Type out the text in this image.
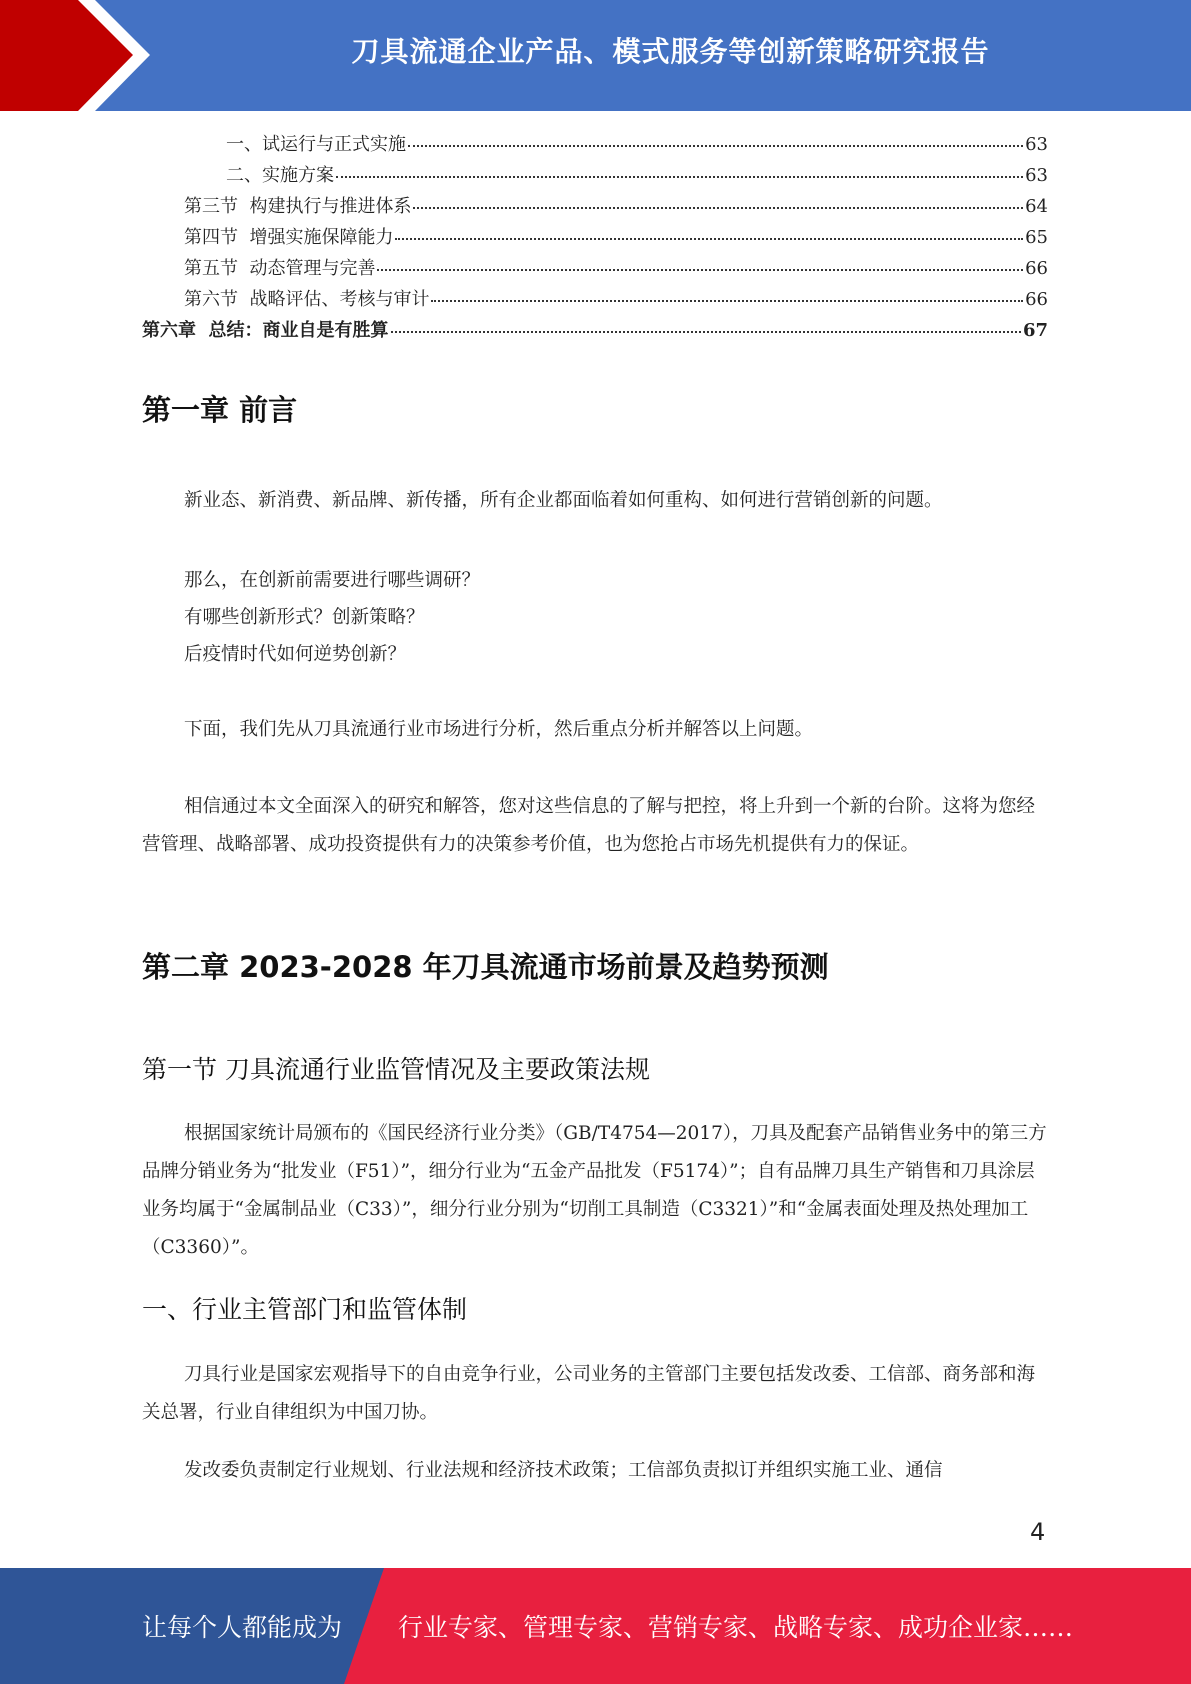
刀具流通企业产品、模式服务等创新策略研究报告
一、试运行与正式实施	63
二、实施方案	63
第三节  构建执行与推进体系	64
第四节  增强实施保障能力	65
第五节  动态管理与完善	66
第六节  战略评估、考核与审计	66
第六章  总结：商业自是有胜算	67
第一章 前言

新业态、新消费、新品牌、新传播，所有企业都面临着如何重构、如何进行营销创新的问题。

那么，在创新前需要进行哪些调研？

有哪些创新形式？创新策略？

后疫情时代如何逆势创新？

下面，我们先从刀具流通行业市场进行分析，然后重点分析并解答以上问题。

相信通过本文全面深入的研究和解答，您对这些信息的了解与把控，将上升到一个新的台阶。这将为您经营管理、战略部署、成功投资提供有力的决策参考价值，也为您抢占市场先机提供有力的保证。

第二章 2023-2028 年刀具流通市场前景及趋势预测
第一节 刀具流通行业监管情况及主要政策法规

根据国家统计局颁布的《国民经济行业分类》（GB/T4754—2017），刀具及配套产品销售业务中的第三方品牌分销业务为“批发业（F51）”，细分行业为“五金产品批发（F5174）”；自有品牌刀具生产销售和刀具涂层业务均属于“金属制品业（C33）”，细分行业分别为“切削工具制造（C3321）”和“金属表面处理及热处理加工（C3360）”。

一、行业主管部门和监管体制

刀具行业是国家宏观指导下的自由竞争行业，公司业务的主管部门主要包括发改委、工信部、商务部和海关总署，行业自律组织为中国刀协。

发改委负责制定行业规划、行业法规和经济技术政策；工信部负责拟订并组织实施工业、通信

4
让每个人都能成为 行业专家、管理专家、营销专家、战略专家、成功企业家……
